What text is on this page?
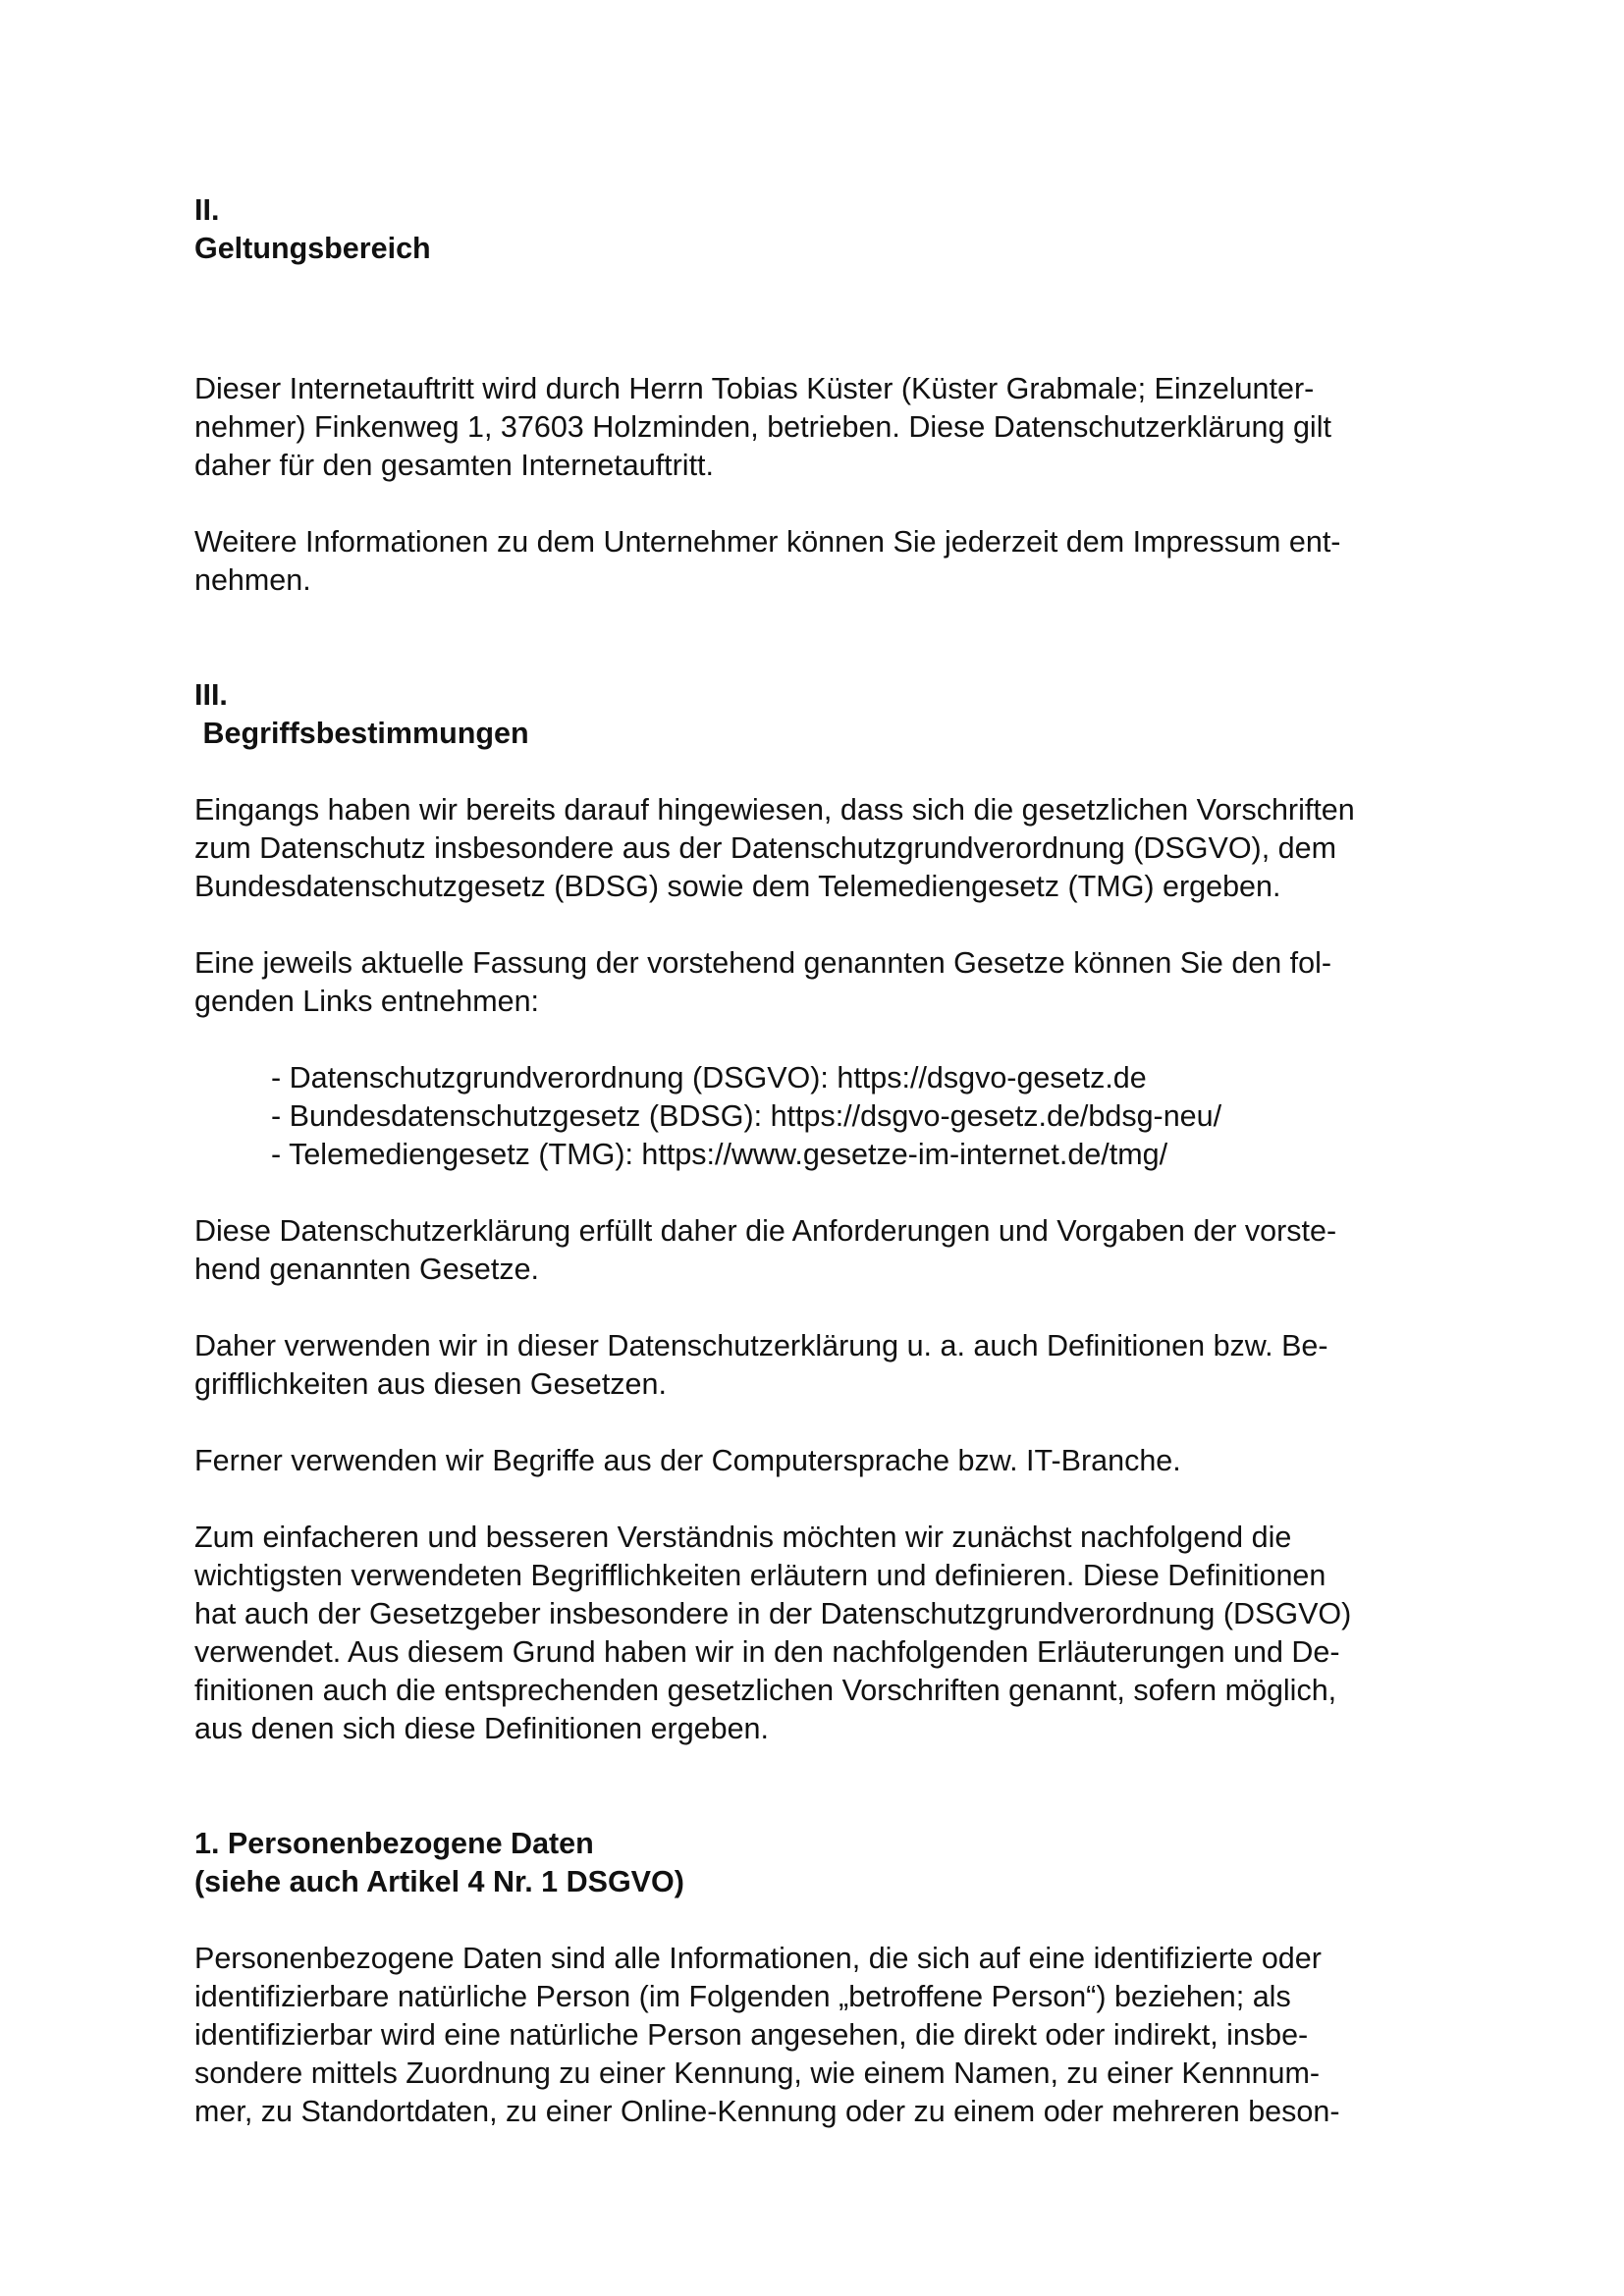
II.
Geltungsbereich
Dieser Internetauftritt wird durch Herrn Tobias Küster (Küster Grabmale; Einzelunter-
nehmer) Finkenweg 1, 37603 Holzminden, betrieben. Diese Datenschutzerklärung gilt
daher für den gesamten Internetauftritt.
Weitere Informationen zu dem Unternehmer können Sie jederzeit dem Impressum ent-
nehmen.
III.
Begriffsbestimmungen
Eingangs haben wir bereits darauf hingewiesen, dass sich die gesetzlichen Vorschriften
zum Datenschutz insbesondere aus der Datenschutzgrundverordnung (DSGVO), dem
Bundesdatenschutzgesetz (BDSG) sowie dem Telemediengesetz (TMG) ergeben.
Eine jeweils aktuelle Fassung der vorstehend genannten Gesetze können Sie den fol-
genden Links entnehmen:
- Datenschutzgrundverordnung (DSGVO): https://dsgvo-gesetz.de
- Bundesdatenschutzgesetz (BDSG): https://dsgvo-gesetz.de/bdsg-neu/
- Telemediengesetz (TMG): https://www.gesetze-im-internet.de/tmg/
Diese Datenschutzerklärung erfüllt daher die Anforderungen und Vorgaben der vorste-
hend genannten Gesetze.
Daher verwenden wir in dieser Datenschutzerklärung u. a. auch Definitionen bzw. Be-
grifflichkeiten aus diesen Gesetzen.
Ferner verwenden wir Begriffe aus der Computersprache bzw. IT-Branche.
Zum einfacheren und besseren Verständnis möchten wir zunächst nachfolgend die
wichtigsten verwendeten Begrifflichkeiten erläutern und definieren. Diese Definitionen
hat auch der Gesetzgeber insbesondere in der Datenschutzgrundverordnung (DSGVO)
verwendet. Aus diesem Grund haben wir in den nachfolgenden Erläuterungen und De-
finitionen auch die entsprechenden gesetzlichen Vorschriften genannt, sofern möglich,
aus denen sich diese Definitionen ergeben.
1. Personenbezogene Daten
(siehe auch Artikel 4 Nr. 1 DSGVO)
Personenbezogene Daten sind alle Informationen, die sich auf eine identifizierte oder
identifizierbare natürliche Person (im Folgenden „betroffene Person“) beziehen; als
identifizierbar wird eine natürliche Person angesehen, die direkt oder indirekt, insbe-
sondere mittels Zuordnung zu einer Kennung, wie einem Namen, zu einer Kennnum-
mer, zu Standortdaten, zu einer Online-Kennung oder zu einem oder mehreren beson-
